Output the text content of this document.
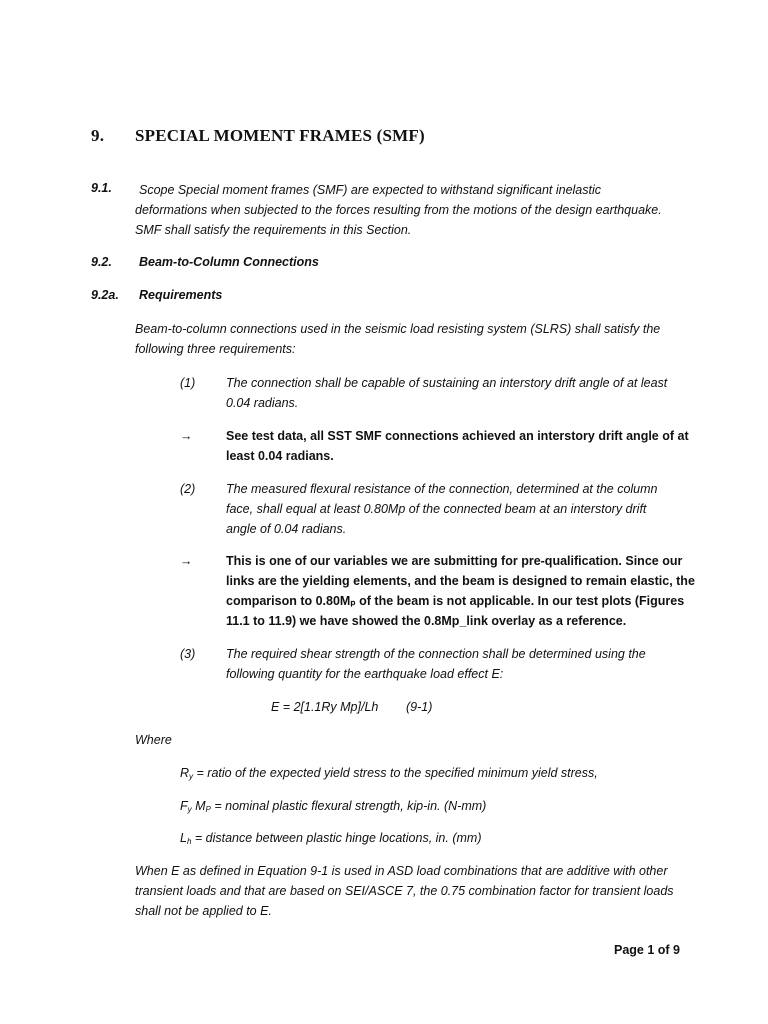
9. SPECIAL MOMENT FRAMES (SMF)
9.1.	Scope Special moment frames (SMF) are expected to withstand significant inelastic
deformations when subjected to the forces resulting from the motions of the design earthquake.
SMF shall satisfy the requirements in this Section.
9.2. Beam-to-Column Connections
9.2a. Requirements
Beam-to-column connections used in the seismic load resisting system (SLRS) shall satisfy the
following three requirements:
(1) The connection shall be capable of sustaining an interstory drift angle of at least
0.04 radians.
→	See test data, all SST SMF connections achieved an interstory drift angle of at
least 0.04 radians.
(2) The measured flexural resistance of the connection, determined at the column
face, shall equal at least 0.80Mp of the connected beam at an interstory drift
angle of 0.04 radians.
→	This is one of our variables we are submitting for pre-qualification. Since our
links are the yielding elements, and the beam is designed to remain elastic, the
comparison to 0.80Mₚ of the beam is not applicable. In our test plots (Figures
11.1 to 11.9) we have showed the 0.8Mp_link overlay as a reference.
(3) The required shear strength of the connection shall be determined using the
following quantity for the earthquake load effect E:
E = 2[1.1Ry Mp]/Lh (9-1)
Where
$R_y$ = ratio of the expected yield stress to the specified minimum yield stress,
$F_y$ $M_P$ = nominal plastic flexural strength, kip-in. (N-mm)
$L_h$ = distance between plastic hinge locations, in. (mm)
When E as defined in Equation 9-1 is used in ASD load combinations that are additive with other
transient loads and that are based on SEI/ASCE 7, the 0.75 combination factor for transient loads
shall not be applied to E.
Page 1 of 9
